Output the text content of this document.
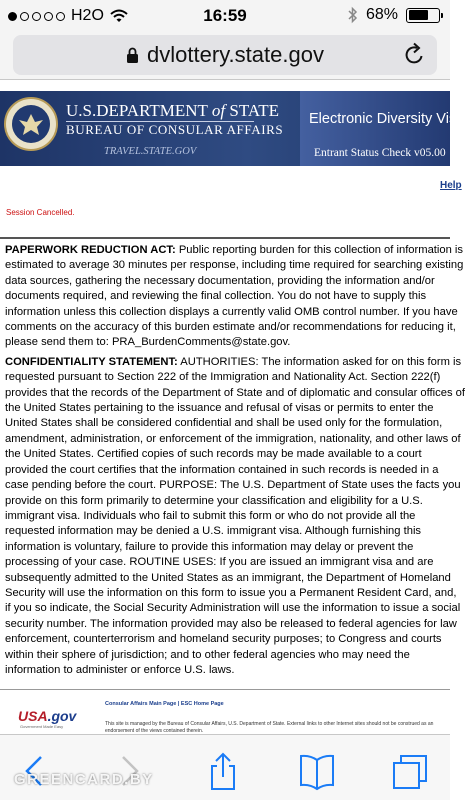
H2O	16:59	68%
dvlottery.state.gov
U.S.DEPARTMENT of STATE
BUREAU OF CONSULAR AFFAIRS
TRAVEL.STATE.GOV
Electronic Diversity Visa
Entrant Status Check v05.00
Help
Session Cancelled.

PAPERWORK REDUCTION ACT: Public reporting burden for this collection of information is estimated to average 30 minutes per response, including time required for searching existing data sources, gathering the necessary documentation, providing the information and/or documents required, and reviewing the final collection. You do not have to supply this information unless this collection displays a currently valid OMB control number. If you have comments on the accuracy of this burden estimate and/or recommendations for reducing it, please send them to: PRA_BurdenComments@state.gov.

CONFIDENTIALITY STATEMENT: AUTHORITIES: The information asked for on this form is requested pursuant to Section 222 of the Immigration and Nationality Act. Section 222(f) provides that the records of the Department of State and of diplomatic and consular offices of the United States pertaining to the issuance and refusal of visas or permits to enter the United States shall be considered confidential and shall be used only for the formulation, amendment, administration, or enforcement of the immigration, nationality, and other laws of the United States. Certified copies of such records may be made available to a court provided the court certifies that the information contained in such records is needed in a case pending before the court. PURPOSE: The U.S. Department of State uses the facts you provide on this form primarily to determine your classification and eligibility for a U.S. immigrant visa. Individuals who fail to submit this form or who do not provide all the requested information may be denied a U.S. immigrant visa. Although furnishing this information is voluntary, failure to provide this information may delay or prevent the processing of your case. ROUTINE USES: If you are issued an immigrant visa and are subsequently admitted to the United States as an immigrant, the Department of Homeland Security will use the information on this form to issue you a Permanent Resident Card, and, if you so indicate, the Social Security Administration will use the information to issue a social security number. The information provided may also be released to federal agencies for law enforcement, counterterrorism and homeland security purposes; to Congress and courts within their sphere of jurisdiction; and to other federal agencies who may need the information to administer or enforce U.S. laws.

USA.gov
Government Made Easy
Consular Affairs Main Page | ESC Home Page
This site is managed by the Bureau of Consular Affairs, U.S. Department of State. External links to other Internet sites should not be construed as an endorsement of the views contained therein.
GREENCARD.BY
